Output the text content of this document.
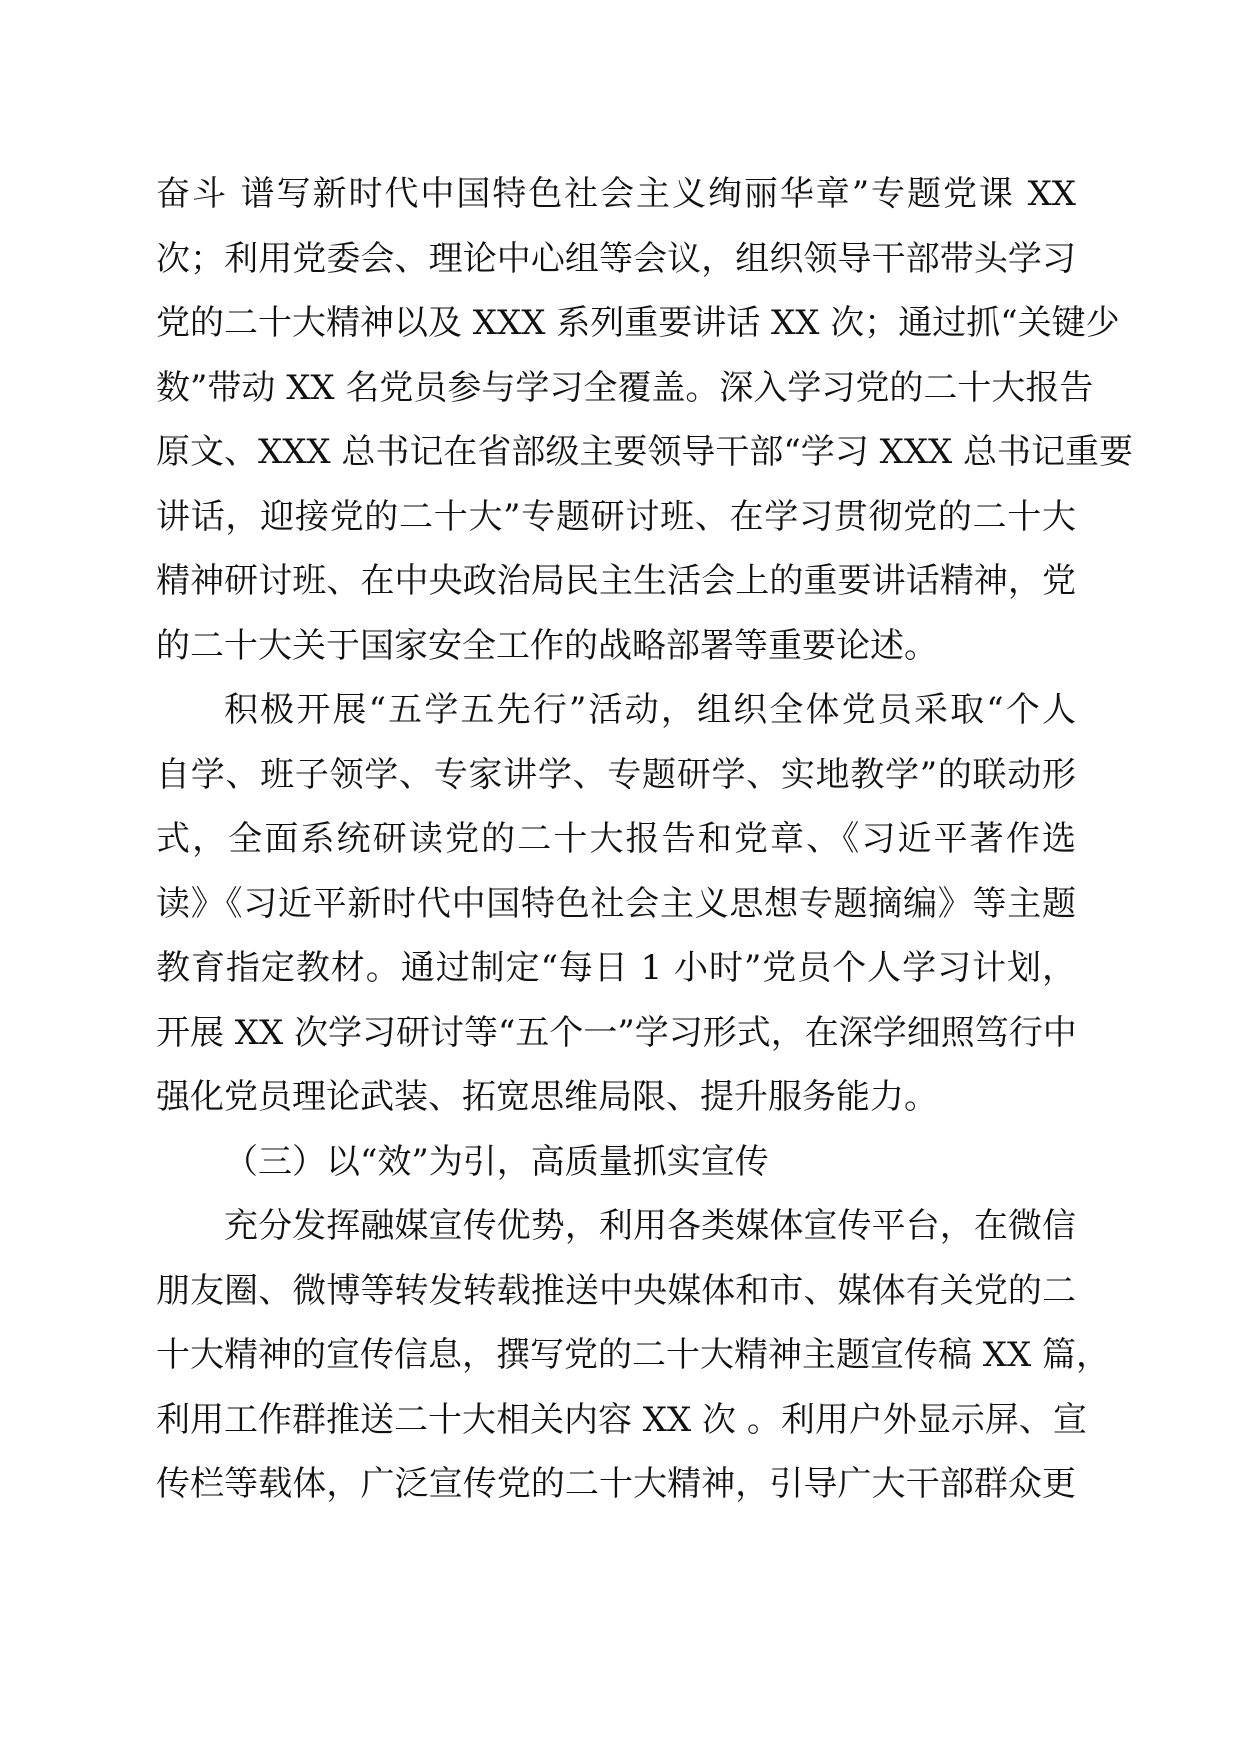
奋斗 谱写新时代中国特色社会主义绚丽华章”专题党课 XX
次；利用党委会、理论中心组等会议，组织领导干部带头学习
党的二十大精神以及 XXX 系列重要讲话 XX 次；通过抓“关键少
数”带动 XX 名党员参与学习全覆盖。深入学习党的二十大报告
原文、XXX 总书记在省部级主要领导干部“学习 XXX 总书记重要
讲话，迎接党的二十大”专题研讨班、在学习贯彻党的二十大
精神研讨班、在中央政治局民主生活会上的重要讲话精神，党
的二十大关于国家安全工作的战略部署等重要论述。
积极开展“五学五先行”活动，组织全体党员采取“个人
自学、班子领学、专家讲学、专题研学、实地教学”的联动形
式，全面系统研读党的二十大报告和党章、《习近平著作选
读》《习近平新时代中国特色社会主义思想专题摘编》等主题
教育指定教材。通过制定“每日 1 小时”党员个人学习计划，
开展 XX 次学习研讨等“五个一”学习形式，在深学细照笃行中
强化党员理论武装、拓宽思维局限、提升服务能力。
（三）以“效”为引，高质量抓实宣传
充分发挥融媒宣传优势，利用各类媒体宣传平台，在微信
朋友圈、微博等转发转载推送中央媒体和市、媒体有关党的二
十大精神的宣传信息，撰写党的二十大精神主题宣传稿 XX 篇，
利用工作群推送二十大相关内容 XX 次 。利用户外显示屏、宣
传栏等载体，广泛宣传党的二十大精神，引导广大干部群众更
